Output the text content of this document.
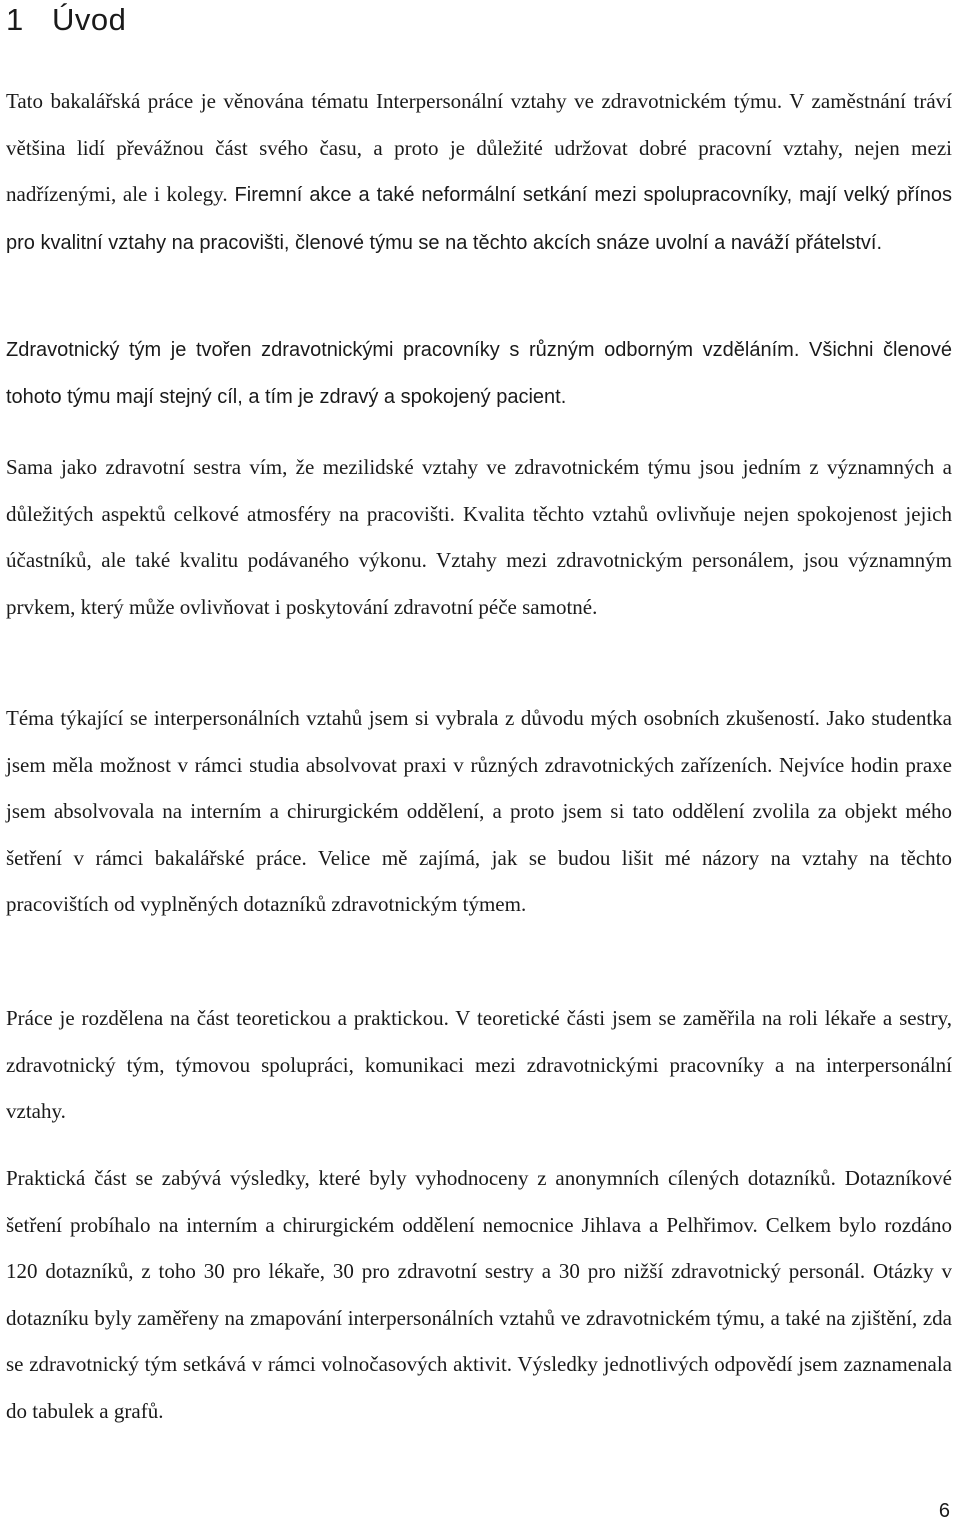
1 Úvod

Tato bakalářská práce je věnována tématu Interpersonální vztahy ve zdravotnickém týmu. V zaměstnání tráví většina lidí převážnou část svého času, a proto je důležité udržovat dobré pracovní vztahy, nejen mezi nadřízenými, ale i kolegy. Firemní akce a také neformální setkání mezi spolupracovníky, mají velký přínos pro kvalitní vztahy na pracovišti, členové týmu se na těchto akcích snáze uvolní a naváží přátelství.

Zdravotnický tým je tvořen zdravotnickými pracovníky s různým odborným vzděláním. Všichni členové tohoto týmu mají stejný cíl, a tím je zdravý a spokojený pacient.

Sama jako zdravotní sestra vím, že mezilidské vztahy ve zdravotnickém týmu jsou jedním z významných a důležitých aspektů celkové atmosféry na pracovišti. Kvalita těchto vztahů ovlivňuje nejen spokojenost jejich účastníků, ale také kvalitu podávaného výkonu. Vztahy mezi zdravotnickým personálem, jsou významným prvkem, který může ovlivňovat i poskytování zdravotní péče samotné.

Téma týkající se interpersonálních vztahů jsem si vybrala z důvodu mých osobních zkušeností. Jako studentka jsem měla možnost v rámci studia absolvovat praxi v různých zdravotnických zařízeních. Nejvíce hodin praxe jsem absolvovala na interním a chirurgickém oddělení, a proto jsem si tato oddělení zvolila za objekt mého šetření v rámci bakalářské práce. Velice mě zajímá, jak se budou lišit mé názory na vztahy na těchto pracovištích od vyplněných dotazníků zdravotnickým týmem.

Práce je rozdělena na část teoretickou a praktickou. V teoretické části jsem se zaměřila na roli lékaře a sestry, zdravotnický tým, týmovou spolupráci, komunikaci mezi zdravotnickými pracovníky a na interpersonální vztahy.

Praktická část se zabývá výsledky, které byly vyhodnoceny z anonymních cílených dotazníků. Dotazníkové šetření probíhalo na interním a chirurgickém oddělení nemocnice Jihlava a Pelhřimov. Celkem bylo rozdáno 120 dotazníků, z toho 30 pro lékaře, 30 pro zdravotní sestry a 30 pro nižší zdravotnický personál. Otázky v dotazníku byly zaměřeny na zmapování interpersonálních vztahů ve zdravotnickém týmu, a také na zjištění, zda se zdravotnický tým setkává v rámci volnočasových aktivit. Výsledky jednotlivých odpovědí jsem zaznamenala do tabulek a grafů.

6
